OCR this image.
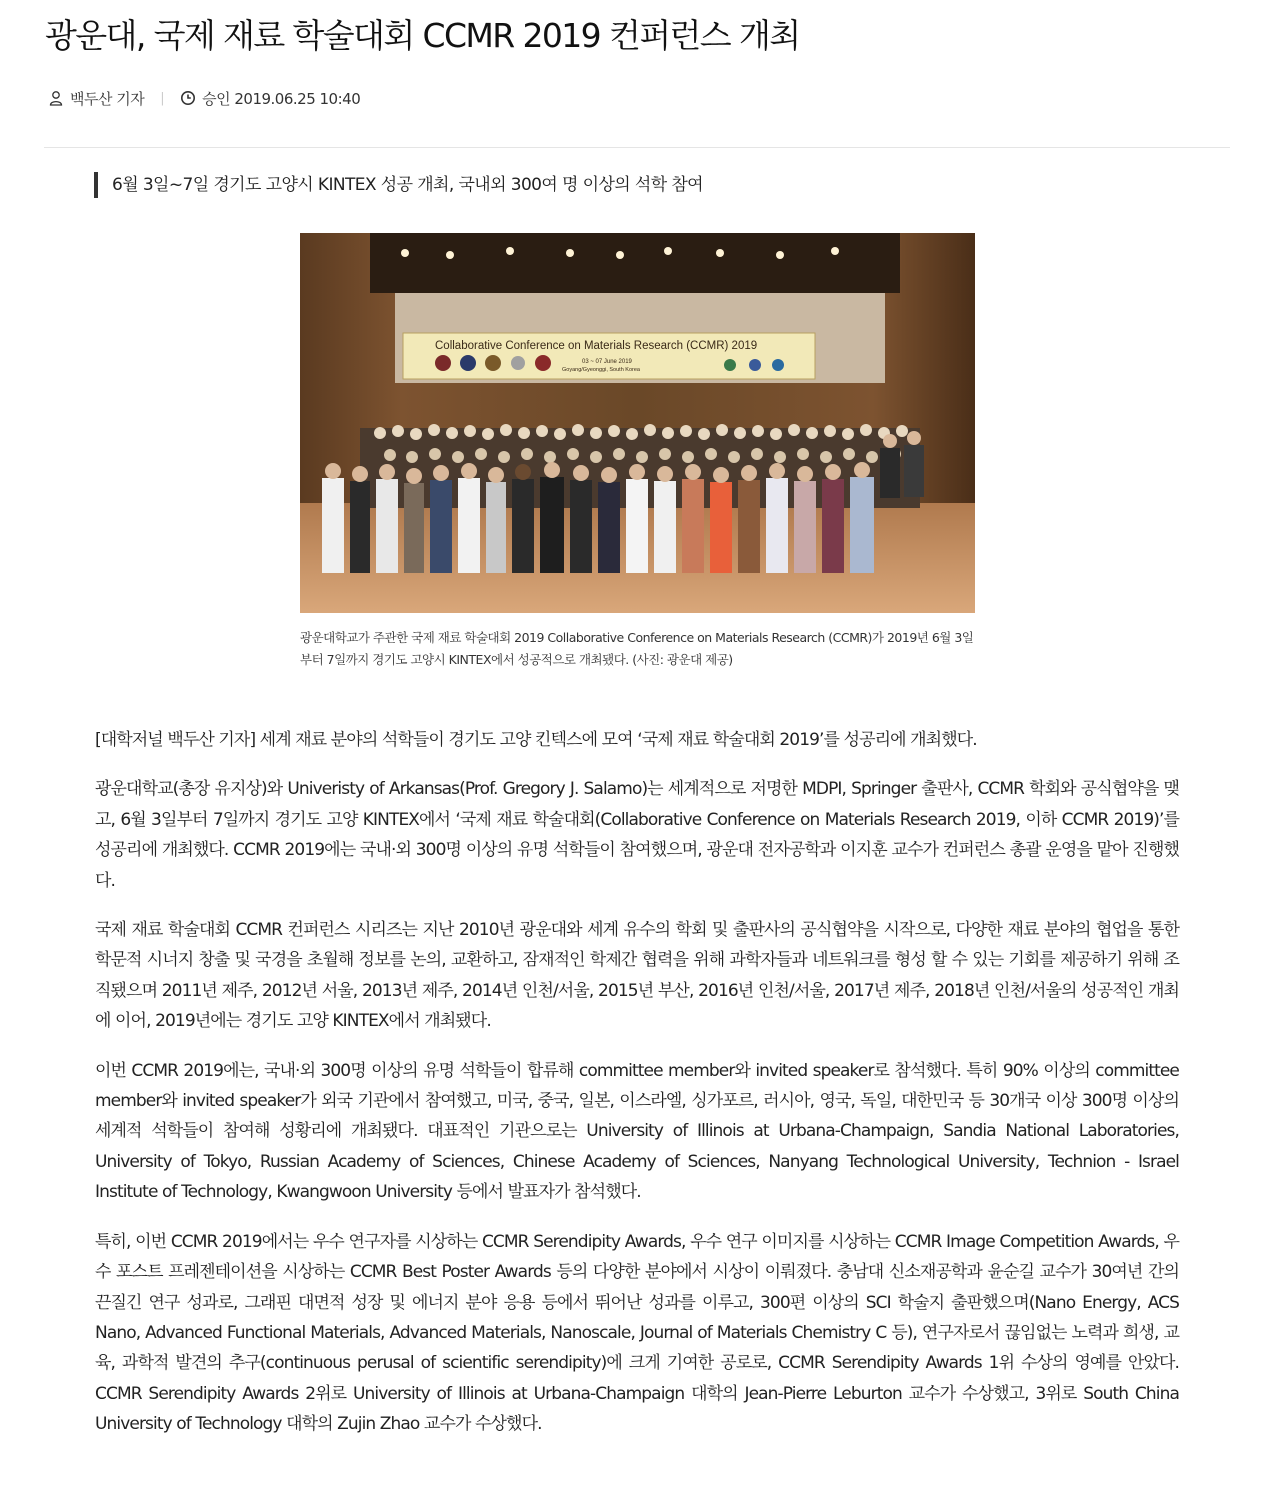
광운대, 국제 재료 학술대회 CCMR 2019 컨퍼런스 개최
백두산 기자 |	승인 2019.06.25 10:40
6월 3일~7일 경기도 고양시 KINTEX 성공 개최, 국내외 300여 명 이상의 석학 참여
Collaborative Conference on Materials Research (CCMR) 2019
03 ~ 07 June 2019
Goyang/Gyeonggi, South Korea

광운대학교가 주관한 국제 재료 학술대회 2019 Collaborative Conference on Materials Research (CCMR)가 2019년 6월 3일부터 7일까지 경기도 고양시 KINTEX에서 성공적으로 개최됐다. (사진: 광운대 제공)

[대학저널 백두산 기자] 세계 재료 분야의 석학들이 경기도 고양 킨텍스에 모여 ‘국제 재료 학술대회 2019’를 성공리에 개최했다.

광운대학교(총장 유지상)와 Univeristy of Arkansas(Prof. Gregory J. Salamo)는 세계적으로 저명한 MDPI, Springer 출판사, CCMR 학회와 공식협약을 맺고, 6월 3일부터 7일까지 경기도 고양 KINTEX에서 ‘국제 재료 학술대회(Collaborative Conference on Materials Research 2019, 이하 CCMR 2019)’를 성공리에 개최했다. CCMR 2019에는 국내·외 300명 이상의 유명 석학들이 참여했으며, 광운대 전자공학과 이지훈 교수가 컨퍼런스 총괄 운영을 맡아 진행했다.

국제 재료 학술대회 CCMR 컨퍼런스 시리즈는 지난 2010년 광운대와 세계 유수의 학회 및 출판사의 공식협약을 시작으로, 다양한 재료 분야의 협업을 통한 학문적 시너지 창출 및 국경을 초월해 정보를 논의, 교환하고, 잠재적인 학제간 협력을 위해 과학자들과 네트워크를 형성 할 수 있는 기회를 제공하기 위해 조직됐으며 2011년 제주, 2012년 서울, 2013년 제주, 2014년 인천/서울, 2015년 부산, 2016년 인천/서울, 2017년 제주, 2018년 인천/서울의 성공적인 개최에 이어, 2019년에는 경기도 고양 KINTEX에서 개최됐다.

이번 CCMR 2019에는, 국내·외 300명 이상의 유명 석학들이 합류해 committee member와 invited speaker로 참석했다. 특히 90% 이상의 committee member와 invited speaker가 외국 기관에서 참여했고, 미국, 중국, 일본, 이스라엘, 싱가포르, 러시아, 영국, 독일, 대한민국 등 30개국 이상 300명 이상의 세계적 석학들이 참여해 성황리에 개최됐다. 대표적인 기관으로는 University of Illinois at Urbana-Champaign, Sandia National Laboratories, University of Tokyo, Russian Academy of Sciences, Chinese Academy of Sciences, Nanyang Technological University, Technion - Israel Institute of Technology, Kwangwoon University 등에서 발표자가 참석했다.

특히, 이번 CCMR 2019에서는 우수 연구자를 시상하는 CCMR Serendipity Awards, 우수 연구 이미지를 시상하는 CCMR Image Competition Awards, 우수 포스트 프레젠테이션을 시상하는 CCMR Best Poster Awards 등의 다양한 분야에서 시상이 이뤄졌다. 충남대 신소재공학과 윤순길 교수가 30여년 간의 끈질긴 연구 성과로, 그래핀 대면적 성장 및 에너지 분야 응용 등에서 뛰어난 성과를 이루고, 300편 이상의 SCI 학술지 출판했으며(Nano Energy, ACS Nano, Advanced Functional Materials, Advanced Materials, Nanoscale, Journal of Materials Chemistry C 등), 연구자로서 끊임없는 노력과 희생, 교육, 과학적 발견의 추구(continuous perusal of scientific serendipity)에 크게 기여한 공로로, CCMR Serendipity Awards 1위 수상의 영예를 안았다. CCMR Serendipity Awards 2위로 University of Illinois at Urbana-Champaign 대학의 Jean-Pierre Leburton 교수가 수상했고, 3위로 South China University of Technology 대학의 Zujin Zhao 교수가 수상했다.
